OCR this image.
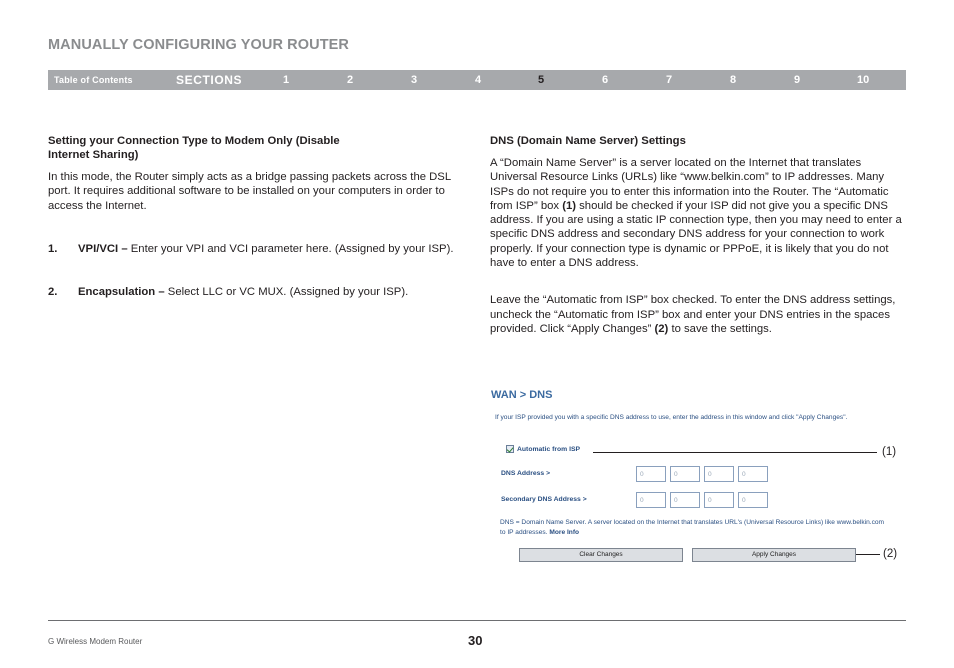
MANUALLY CONFIGURING YOUR ROUTER
Table of Contents	SECTIONS	1	2	3	4	5	6	7	8	9	10
Setting your Connection Type to Modem Only (Disable
Internet Sharing)

In this mode, the Router simply acts as a bridge passing packets across the DSL port. It requires additional software to be installed on your computers in order to access the Internet.

1. VPI/VCI – Enter your VPI and VCI parameter here. (Assigned by your ISP).
2. Encapsulation – Select LLC or VC MUX. (Assigned by your ISP).
DNS (Domain Name Server) Settings

A “Domain Name Server” is a server located on the Internet that translates Universal Resource Links (URLs) like “www.belkin.com” to IP addresses. Many ISPs do not require you to enter this information into the Router. The “Automatic from ISP” box (1) should be checked if your ISP did not give you a specific DNS address. If you are using a static IP connection type, then you may need to enter a specific DNS address and secondary DNS address for your connection to work properly. If your connection type is dynamic or PPPoE, it is likely that you do not have to enter a DNS address.

Leave the “Automatic from ISP” box checked. To enter the DNS address settings, uncheck the “Automatic from ISP” box and enter your DNS entries in the spaces provided. Click “Apply Changes” (2) to save the settings.

WAN > DNS
If your ISP provided you with a specific DNS address to use, enter the address in this window and click "Apply Changes".
Automatic from ISP
DNS Address >	0	0	0	0
Secondary DNS Address >	0	0	0	0
DNS = Domain Name Server. A server located on the Internet that translates URL's (Universal Resource Links) like www.belkin.com to IP addresses. More Info
Clear Changes	Apply Changes
(1)
(2)
G Wireless Modem Router	30
